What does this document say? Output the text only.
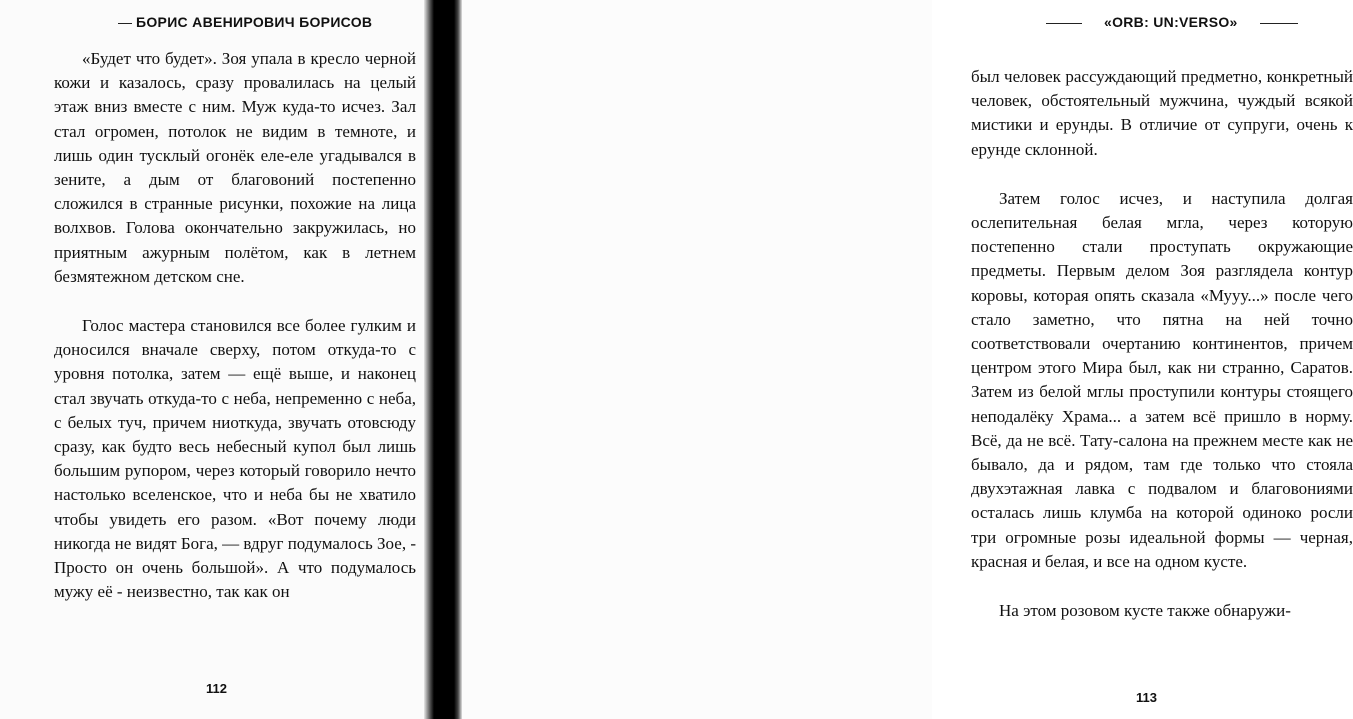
БОРИС АВЕНИРОВИЧ БОРИСОВ

«Будет что будет». Зоя упала в кресло черной кожи и казалось, сразу провалилась на целый этаж вниз вместе с ним. Муж куда-то исчез. Зал стал огромен, потолок не видим в темноте, и лишь один тусклый огонёк еле-еле угадывался в зените, а дым от благовоний постепенно сложился в странные рисунки, похожие на лица волхвов. Голова окончательно закружилась, но приятным ажурным полётом, как в летнем безмятежном детском сне.

Голос мастера становился все более гулким и доносился вначале сверху, потом откуда-то с уровня потолка, затем — ещё выше, и наконец стал звучать откуда-то с неба, непременно с неба, с белых туч, причем ниоткуда, звучать отовсюду сразу, как будто весь небесный купол был лишь большим рупором, через который говорило нечто настолько вселенское, что и неба бы не хватило чтобы увидеть его разом. «Вот почему люди никогда не видят Бога, — вдруг подумалось Зое, - Просто он очень большой». А что подумалось мужу её - неизвестно, так как он

112
«ORB: UN:VERSO»

был человек рассуждающий предметно, конкретный человек, обстоятельный мужчина, чуждый всякой мистики и ерунды. В отличие от супруги, очень к ерунде склонной.

Затем голос исчез, и наступила долгая ослепительная белая мгла, через которую постепенно стали проступать окружающие предметы. Первым делом Зоя разглядела контур коровы, которая опять сказала «Мууу...» после чего стало заметно, что пятна на ней точно соответствовали очертанию континентов, причем центром этого Мира был, как ни странно, Саратов. Затем из белой мглы проступили контуры стоящего неподалёку Храма... а затем всё пришло в норму. Всё, да не всё. Тату-салона на прежнем месте как не бывало, да и рядом, там где только что стояла двухэтажная лавка с подвалом и благовониями осталась лишь клумба на которой одиноко росли три огромные розы идеальной формы — черная, красная и белая, и все на одном кусте.

На этом розовом кусте также обнаружи-

113
